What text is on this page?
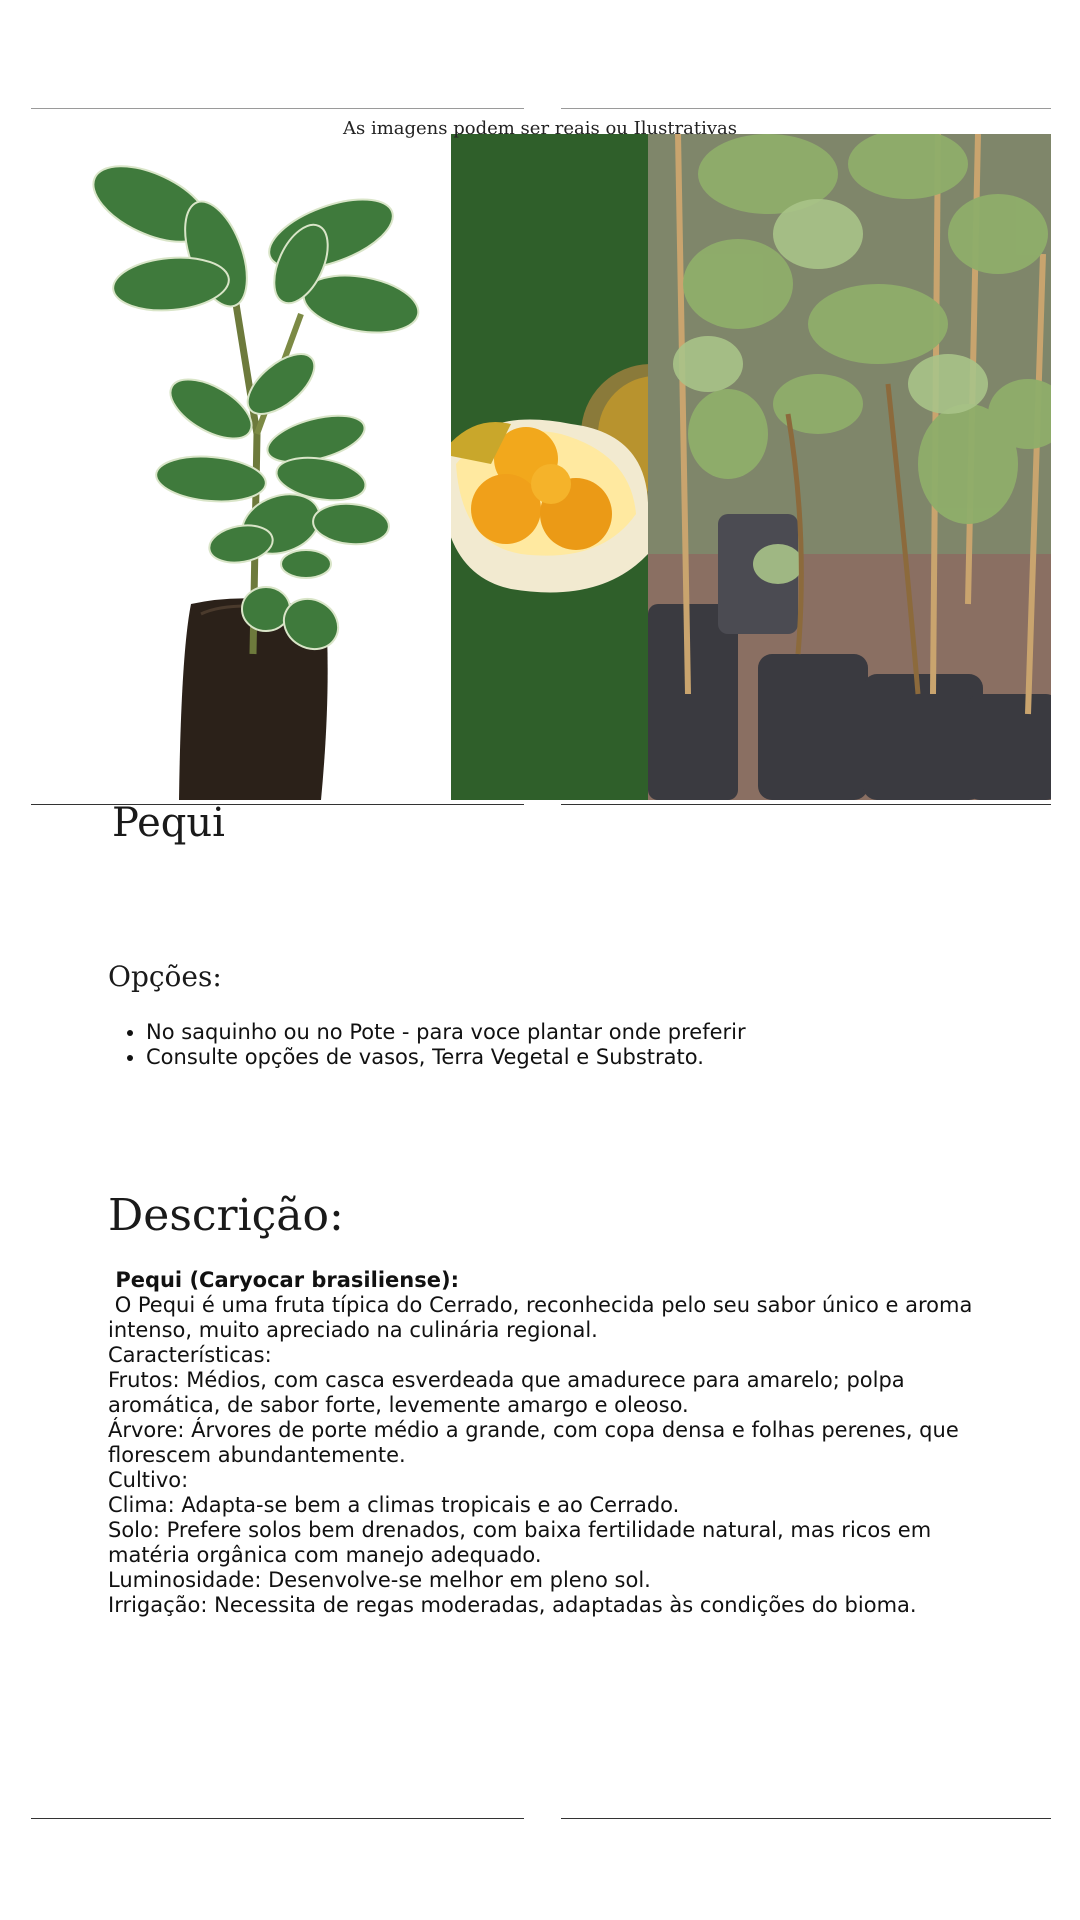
As imagens podem ser reais ou Ilustrativas
Pequi
Opções:
• No saquinho ou no Pote - para voce plantar onde preferir
• Consulte opções de vasos, Terra Vegetal e Substrato.
Descrição:
Pequi (Caryocar brasiliense):
O Pequi é uma fruta típica do Cerrado, reconhecida pelo seu sabor único e aroma intenso, muito apreciado na culinária regional.
Características:
Frutos: Médios, com casca esverdeada que amadurece para amarelo; polpa aromática, de sabor forte, levemente amargo e oleoso.
Árvore: Árvores de porte médio a grande, com copa densa e folhas perenes, que florescem abundantemente.
Cultivo:
Clima: Adapta-se bem a climas tropicais e ao Cerrado.
Solo: Prefere solos bem drenados, com baixa fertilidade natural, mas ricos em matéria orgânica com manejo adequado.
Luminosidade: Desenvolve-se melhor em pleno sol.
Irrigação: Necessita de regas moderadas, adaptadas às condições do bioma.
